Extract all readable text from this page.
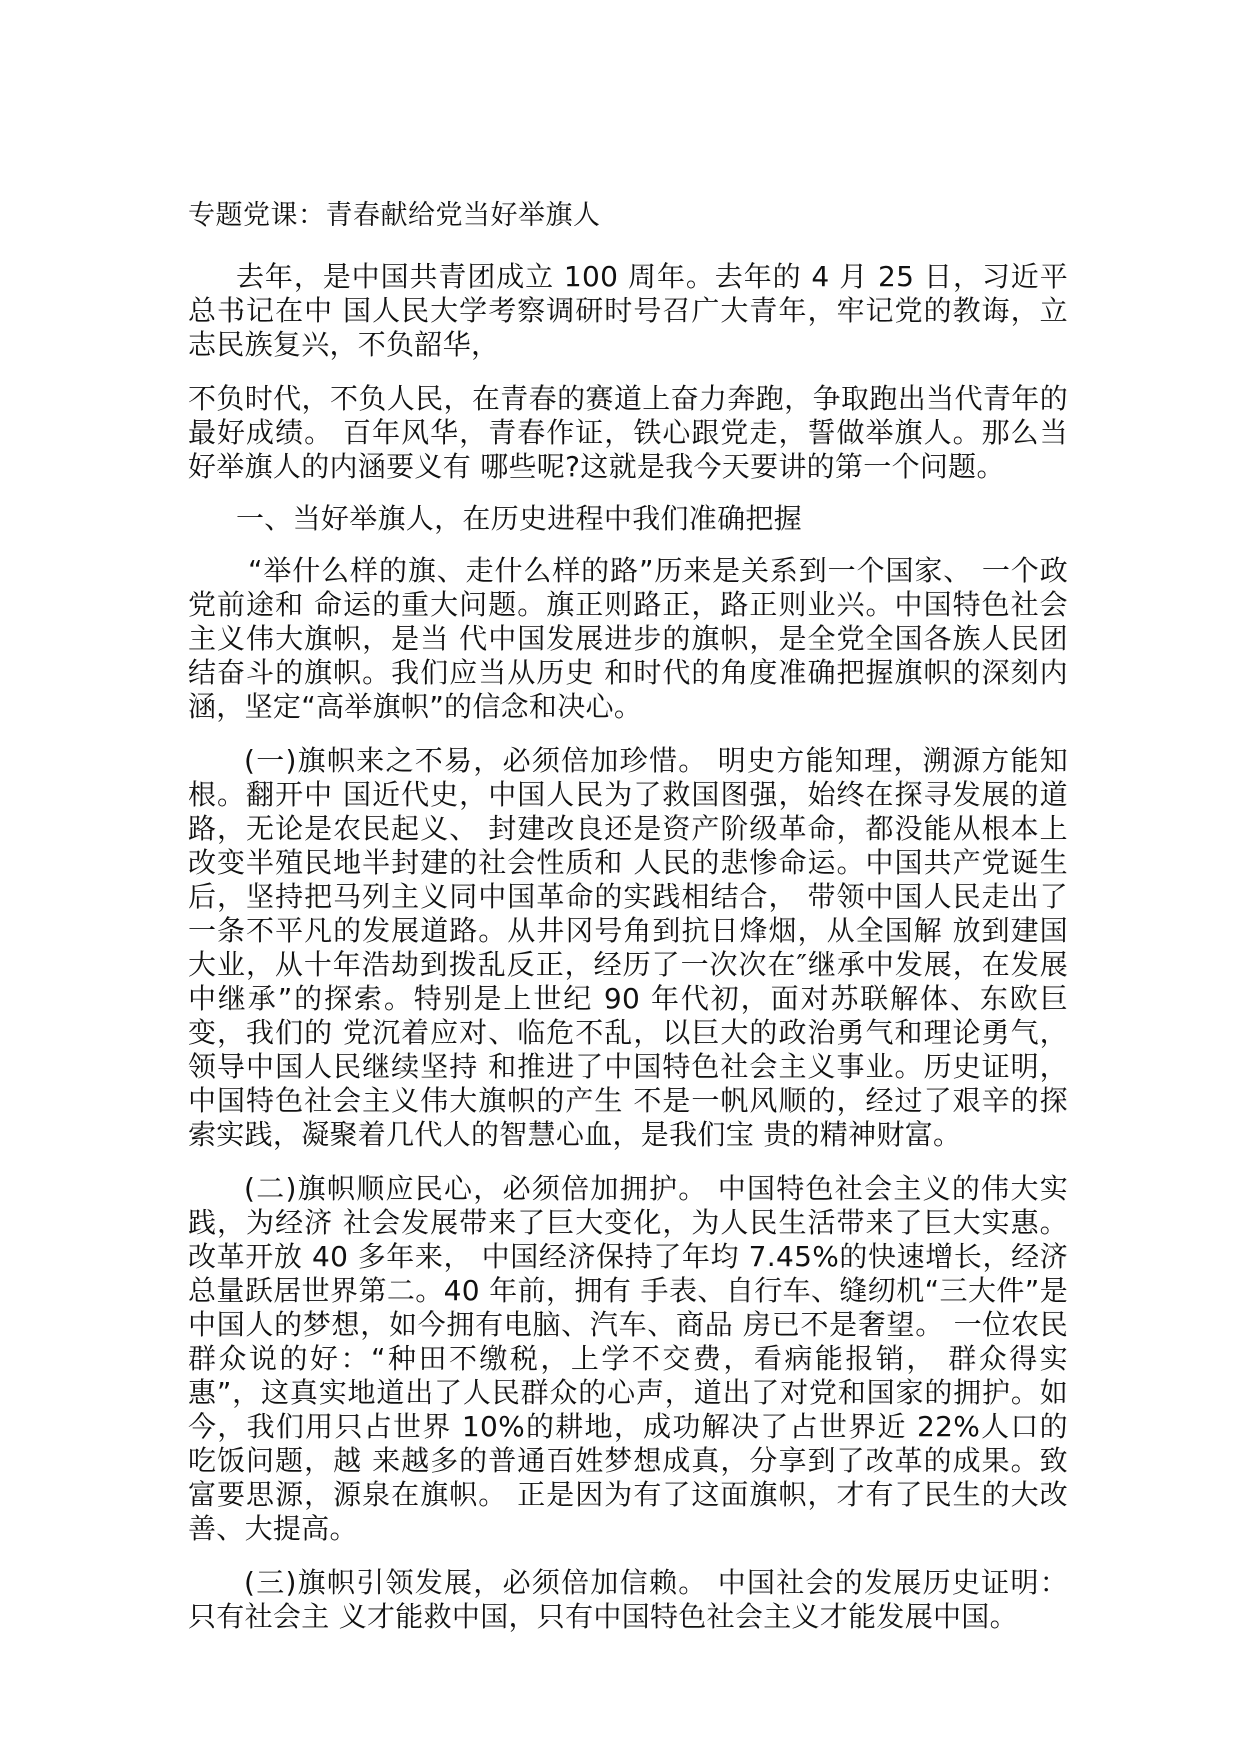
专题党课：青春献给党当好举旗人

去年，是中国共青团成立 100 周年。去年的 4 月 25 日，习近平总书记在中 国人民大学考察调研时号召广大青年，牢记党的教诲，立志民族复兴，不负韶华，

不负时代，不负人民，在青春的赛道上奋力奔跑，争取跑出当代青年的最好成绩。 百年风华，青春作证，铁心跟党走，誓做举旗人。那么当好举旗人的内涵要义有 哪些呢?这就是我今天要讲的第一个问题。

一、当好举旗人，在历史进程中我们准确把握

“举什么样的旗、走什么样的路”历来是关系到一个国家、 一个政党前途和 命运的重大问题。旗正则路正，路正则业兴。中国特色社会主义伟大旗帜，是当 代中国发展进步的旗帜，是全党全国各族人民团结奋斗的旗帜。我们应当从历史 和时代的角度准确把握旗帜的深刻内涵，坚定“高举旗帜”的信念和决心。

(一)旗帜来之不易，必须倍加珍惜。 明史方能知理，溯源方能知根。翻开中 国近代史，中国人民为了救国图强，始终在探寻发展的道路，无论是农民起义、 封建改良还是资产阶级革命，都没能从根本上改变半殖民地半封建的社会性质和 人民的悲惨命运。中国共产党诞生后，坚持把马列主义同中国革命的实践相结合， 带领中国人民走出了一条不平凡的发展道路。从井冈号角到抗日烽烟，从全国解 放到建国大业，从十年浩劫到拨乱反正，经历了一次次在″继承中发展，在发展 中继承”的探索。特别是上世纪 90 年代初，面对苏联解体、东欧巨变，我们的 党沉着应对、临危不乱，以巨大的政治勇气和理论勇气，领导中国人民继续坚持 和推进了中国特色社会主义事业。历史证明，中国特色社会主义伟大旗帜的产生 不是一帆风顺的，经过了艰辛的探索实践，凝聚着几代人的智慧心血，是我们宝 贵的精神财富。

(二)旗帜顺应民心，必须倍加拥护。 中国特色社会主义的伟大实践，为经济 社会发展带来了巨大变化，为人民生活带来了巨大实惠。改革开放 40 多年来， 中国经济保持了年均 7.45%的快速增长，经济总量跃居世界第二。40 年前，拥有 手表、自行车、缝纫机“三大件”是中国人的梦想，如今拥有电脑、汽车、商品 房已不是奢望。 一位农民群众说的好：“种田不缴税，上学不交费，看病能报销， 群众得实惠”，这真实地道出了人民群众的心声，道出了对党和国家的拥护。如 今，我们用只占世界 10%的耕地，成功解决了占世界近 22%人口的吃饭问题，越 来越多的普通百姓梦想成真，分享到了改革的成果。致富要思源，源泉在旗帜。 正是因为有了这面旗帜，才有了民生的大改善、大提高。

(三)旗帜引领发展，必须倍加信赖。 中国社会的发展历史证明：只有社会主 义才能救中国，只有中国特色社会主义才能发展中国。
